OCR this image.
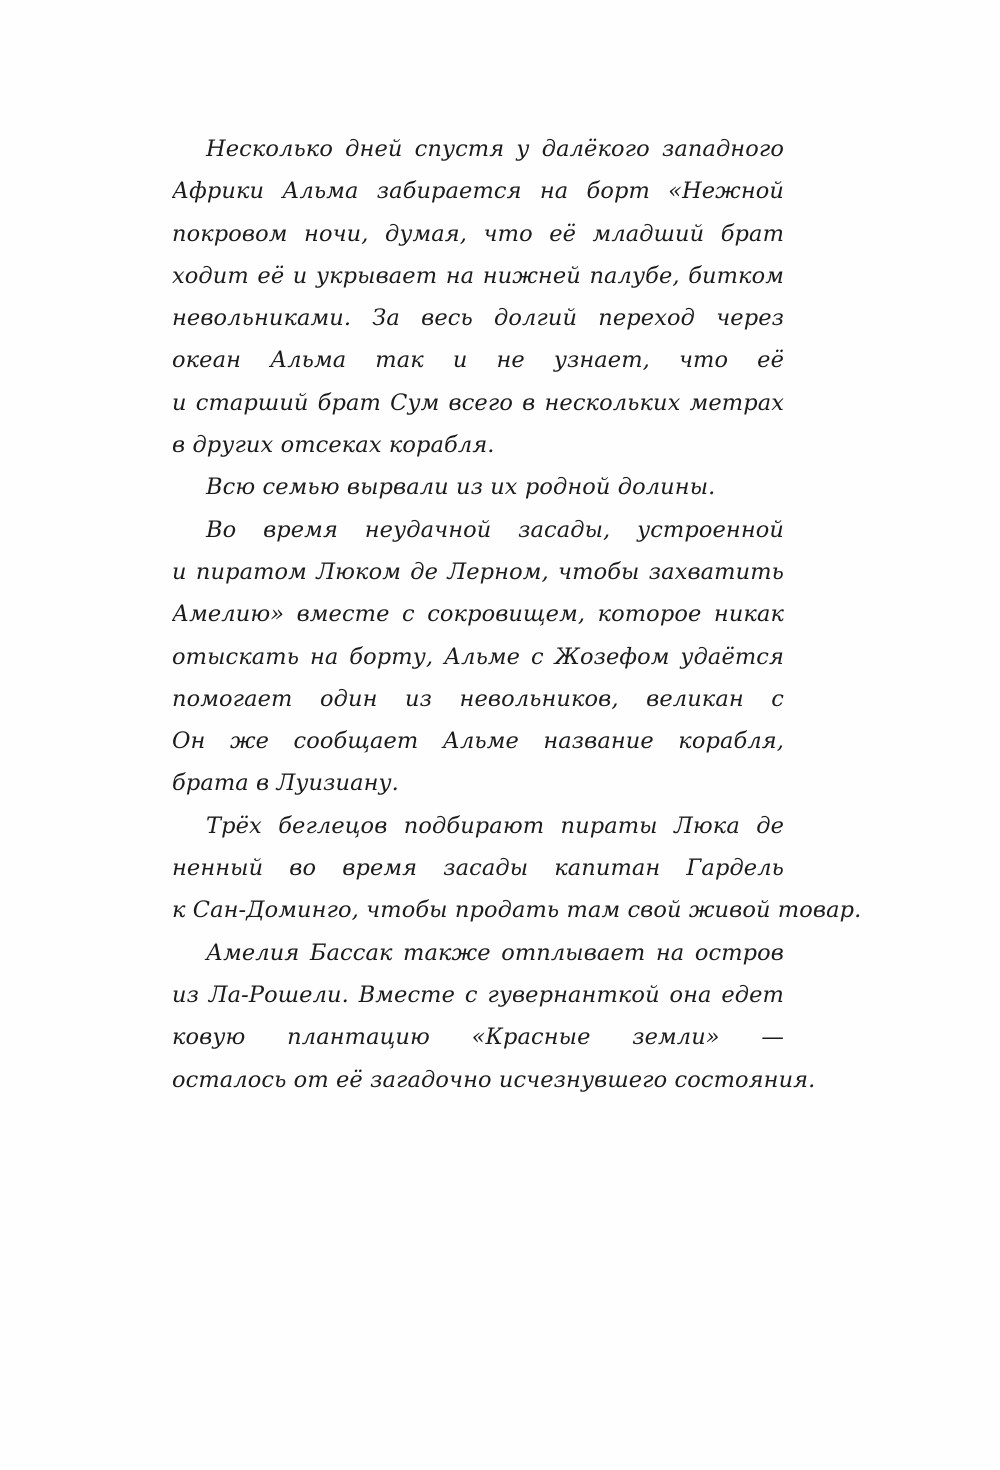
Несколько дней спустя у далёкого западного
Африки Альма забирается на борт «Нежной
покровом ночи, думая, что её младший брат
ходит её и укрывает на нижней палубе, битком
невольниками. За весь долгий переход через
океан Альма так и не узнает, что её
и старший брат Сум всего в нескольких метрах
в других отсеках корабля.
Всю семью вырвали из их родной долины.
Во время неудачной засады, устроенной
и пиратом Люком де Лерном, чтобы захватить
Амелию» вместе с сокровищем, которое никак
отыскать на борту, Альме с Жозефом удаётся
помогает один из невольников, великан с
Он же сообщает Альме название корабля,
брата в Луизиану.
Трёх беглецов подбирают пираты Люка де
ненный во время засады капитан Гардель
к Сан-Доминго, чтобы продать там свой живой товар.
Амелия Бассак также отплывает на остров
из Ла-Рошели. Вместе с гувернанткой она едет
ковую плантацию «Красные земли» —
осталось от её загадочно исчезнувшего состояния.
